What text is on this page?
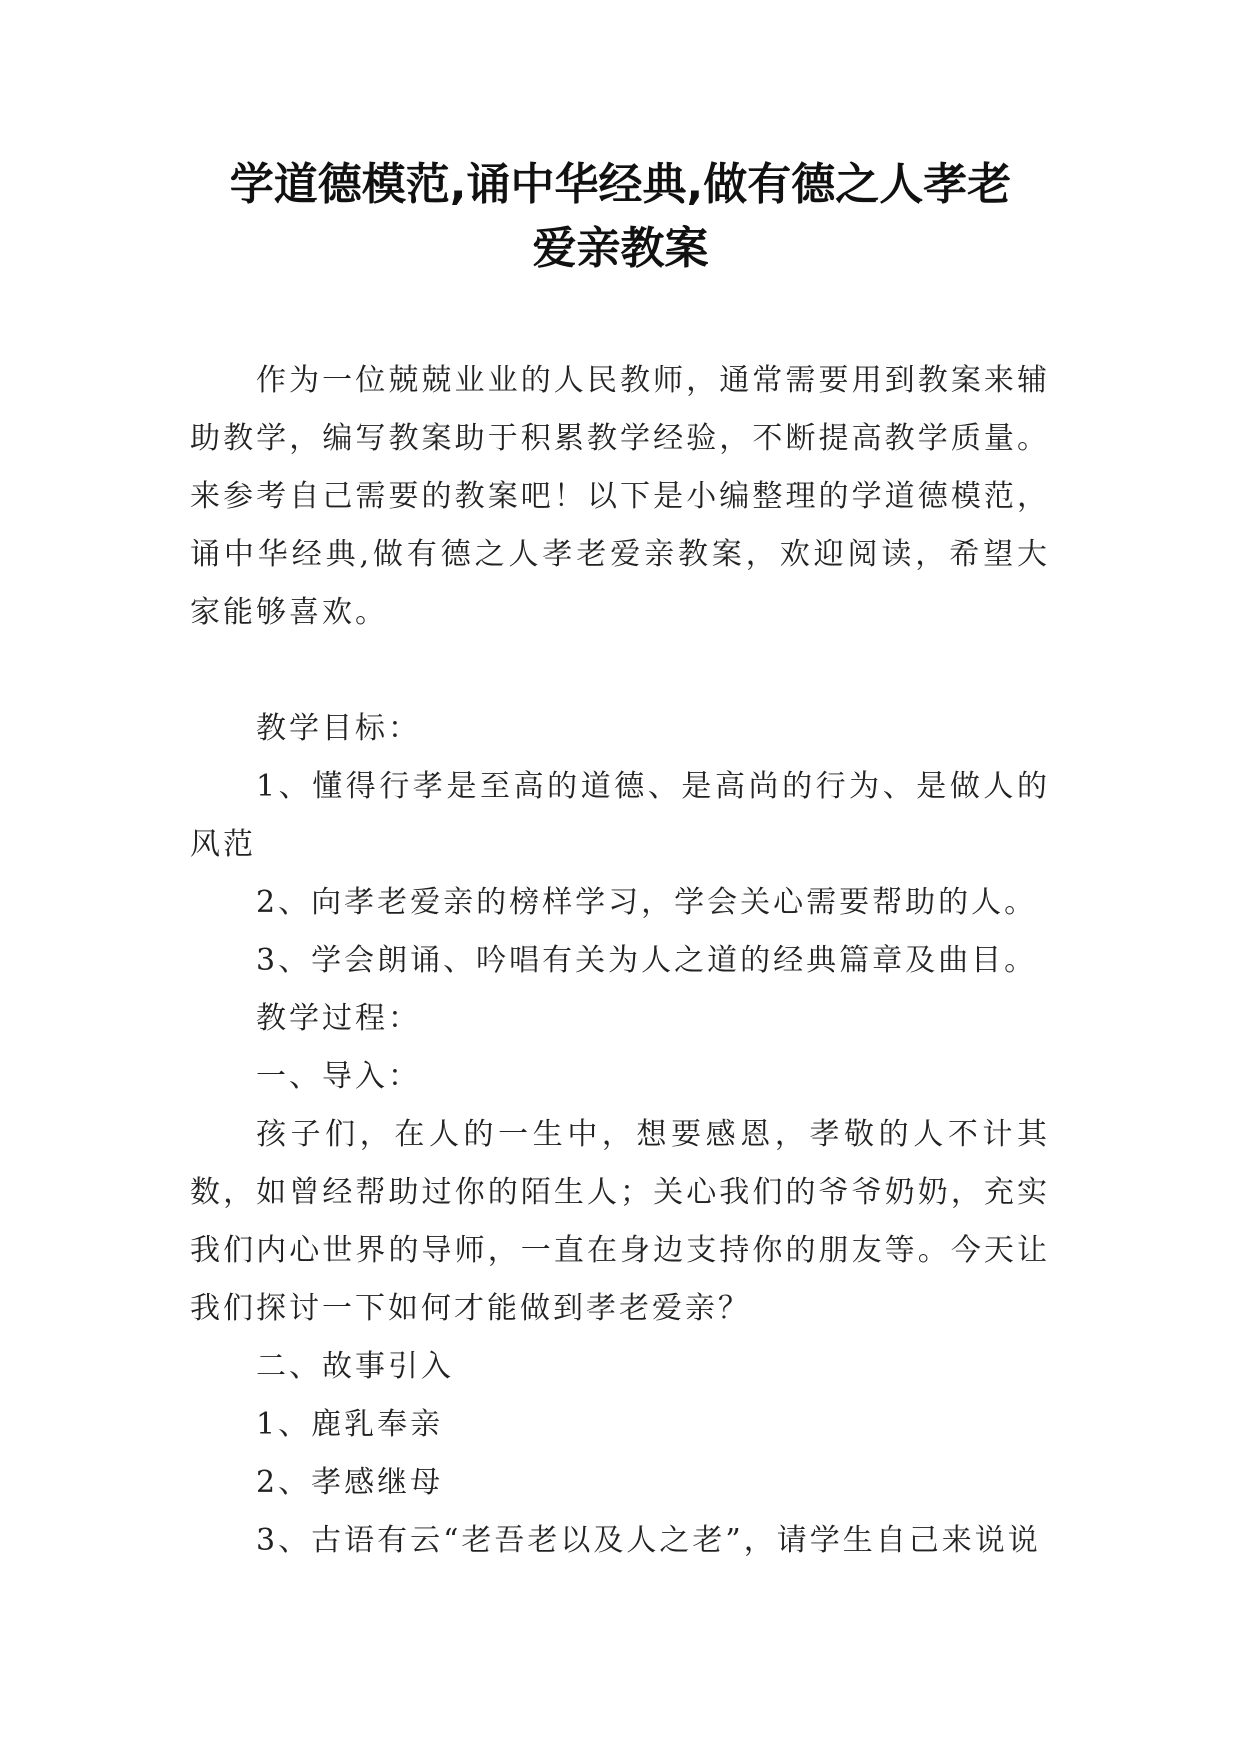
学道德模范,诵中华经典,做有德之人孝老
爱亲教案

作为一位兢兢业业的人民教师，通常需要用到教案来辅助教学，编写教案助于积累教学经验，不断提高教学质量。来参考自己需要的教案吧！以下是小编整理的学道德模范，诵中华经典,做有德之人孝老爱亲教案，欢迎阅读，希望大家能够喜欢。

教学目标：

1、懂得行孝是至高的道德、是高尚的行为、是做人的风范

2、向孝老爱亲的榜样学习，学会关心需要帮助的人。

3、学会朗诵、吟唱有关为人之道的经典篇章及曲目。

教学过程：

一、导入：

孩子们，在人的一生中，想要感恩，孝敬的人不计其数，如曾经帮助过你的陌生人；关心我们的爷爷奶奶，充实我们内心世界的导师，一直在身边支持你的朋友等。今天让我们探讨一下如何才能做到孝老爱亲？

二、故事引入

1、鹿乳奉亲

2、孝感继母

3、古语有云“老吾老以及人之老”，请学生自己来说说
